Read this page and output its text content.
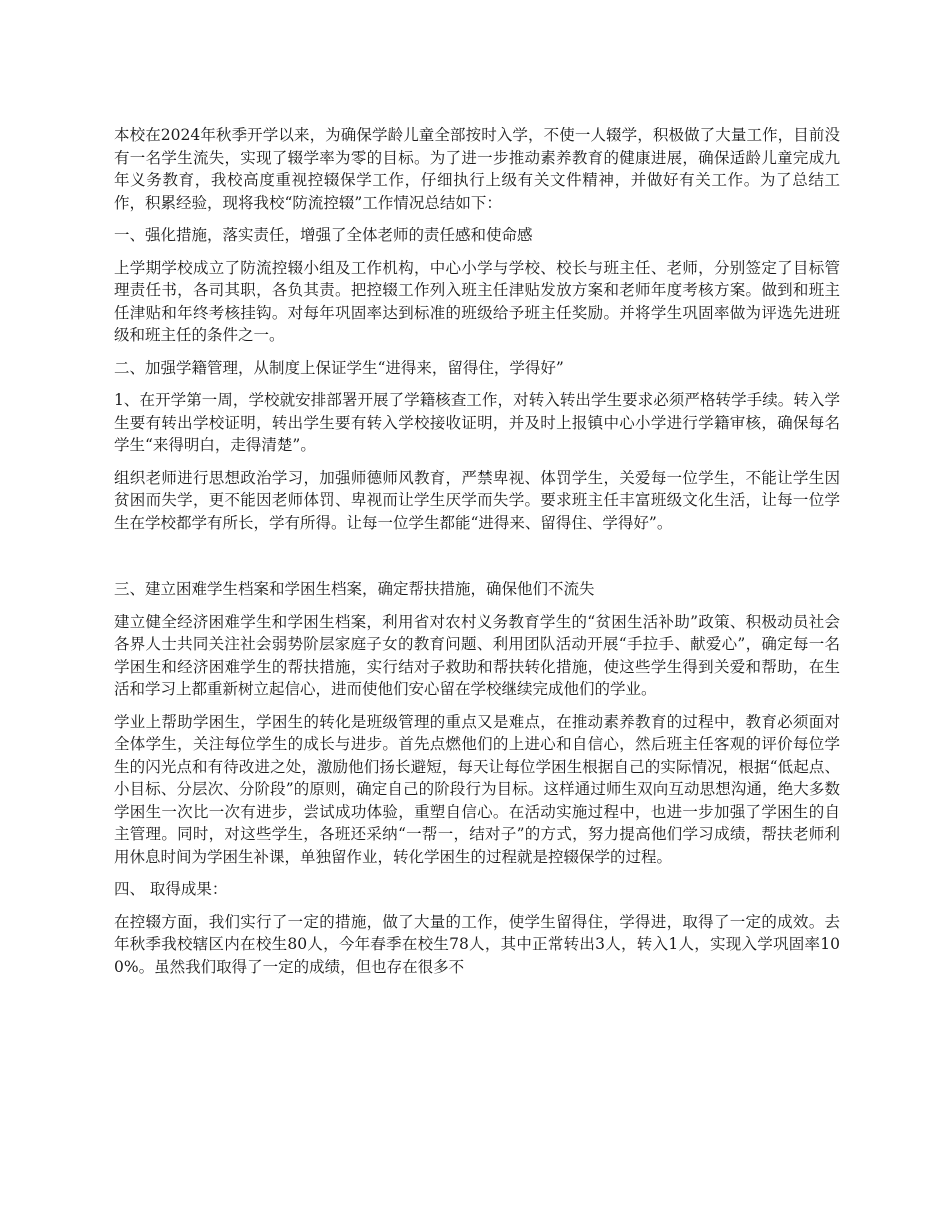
本校在2024年秋季开学以来，为确保学龄儿童全部按时入学，不使一人辍学，积极做了大量工作，目前没有一名学生流失，实现了辍学率为零的目标。为了进一步推动素养教育的健康进展，确保适龄儿童完成九年义务教育，我校高度重视控辍保学工作，仔细执行上级有关文件精神，并做好有关工作。为了总结工作，积累经验，现将我校“防流控辍”工作情况总结如下：

一、强化措施，落实责任，增强了全体老师的责任感和使命感

上学期学校成立了防流控辍小组及工作机构，中心小学与学校、校长与班主任、老师，分别签定了目标管理责任书，各司其职，各负其责。把控辍工作列入班主任津贴发放方案和老师年度考核方案。做到和班主任津贴和年终考核挂钩。对每年巩固率达到标准的班级给予班主任奖励。并将学生巩固率做为评选先进班级和班主任的条件之一。

二、加强学籍管理，从制度上保证学生“进得来，留得住，学得好”

1、在开学第一周，学校就安排部署开展了学籍核查工作，对转入转出学生要求必须严格转学手续。转入学生要有转出学校证明，转出学生要有转入学校接收证明，并及时上报镇中心小学进行学籍审核，确保每名学生“来得明白，走得清楚”。

组织老师进行思想政治学习，加强师德师风教育，严禁卑视、体罚学生，关爱每一位学生，不能让学生因贫困而失学，更不能因老师体罚、卑视而让学生厌学而失学。要求班主任丰富班级文化生活，让每一位学生在学校都学有所长，学有所得。让每一位学生都能“进得来、留得住、学得好”。

三、建立困难学生档案和学困生档案，确定帮扶措施，确保他们不流失

建立健全经济困难学生和学困生档案，利用省对农村义务教育学生的“贫困生活补助”政策、积极动员社会各界人士共同关注社会弱势阶层家庭子女的教育问题、利用团队活动开展“手拉手、献爱心”，确定每一名学困生和经济困难学生的帮扶措施，实行结对子救助和帮扶转化措施，使这些学生得到关爱和帮助，在生活和学习上都重新树立起信心，进而使他们安心留在学校继续完成他们的学业。

学业上帮助学困生，学困生的转化是班级管理的重点又是难点，在推动素养教育的过程中，教育必须面对全体学生，关注每位学生的成长与进步。首先点燃他们的上进心和自信心，然后班主任客观的评价每位学生的闪光点和有待改进之处，激励他们扬长避短，每天让每位学困生根据自己的实际情况，根据“低起点、小目标、分层次、分阶段”的原则，确定自己的阶段行为目标。这样通过师生双向互动思想沟通，绝大多数学困生一次比一次有进步，尝试成功体验，重塑自信心。在活动实施过程中，也进一步加强了学困生的自主管理。同时，对这些学生，各班还采纳“一帮一，结对子”的方式，努力提高他们学习成绩，帮扶老师利用休息时间为学困生补课，单独留作业，转化学困生的过程就是控辍保学的过程。

四、 取得成果：

在控辍方面，我们实行了一定的措施，做了大量的工作，使学生留得住，学得进，取得了一定的成效。去年秋季我校辖区内在校生80人，今年春季在校生78人，其中正常转出3人，转入1人，实现入学巩固率100%。虽然我们取得了一定的成绩，但也存在很多不
